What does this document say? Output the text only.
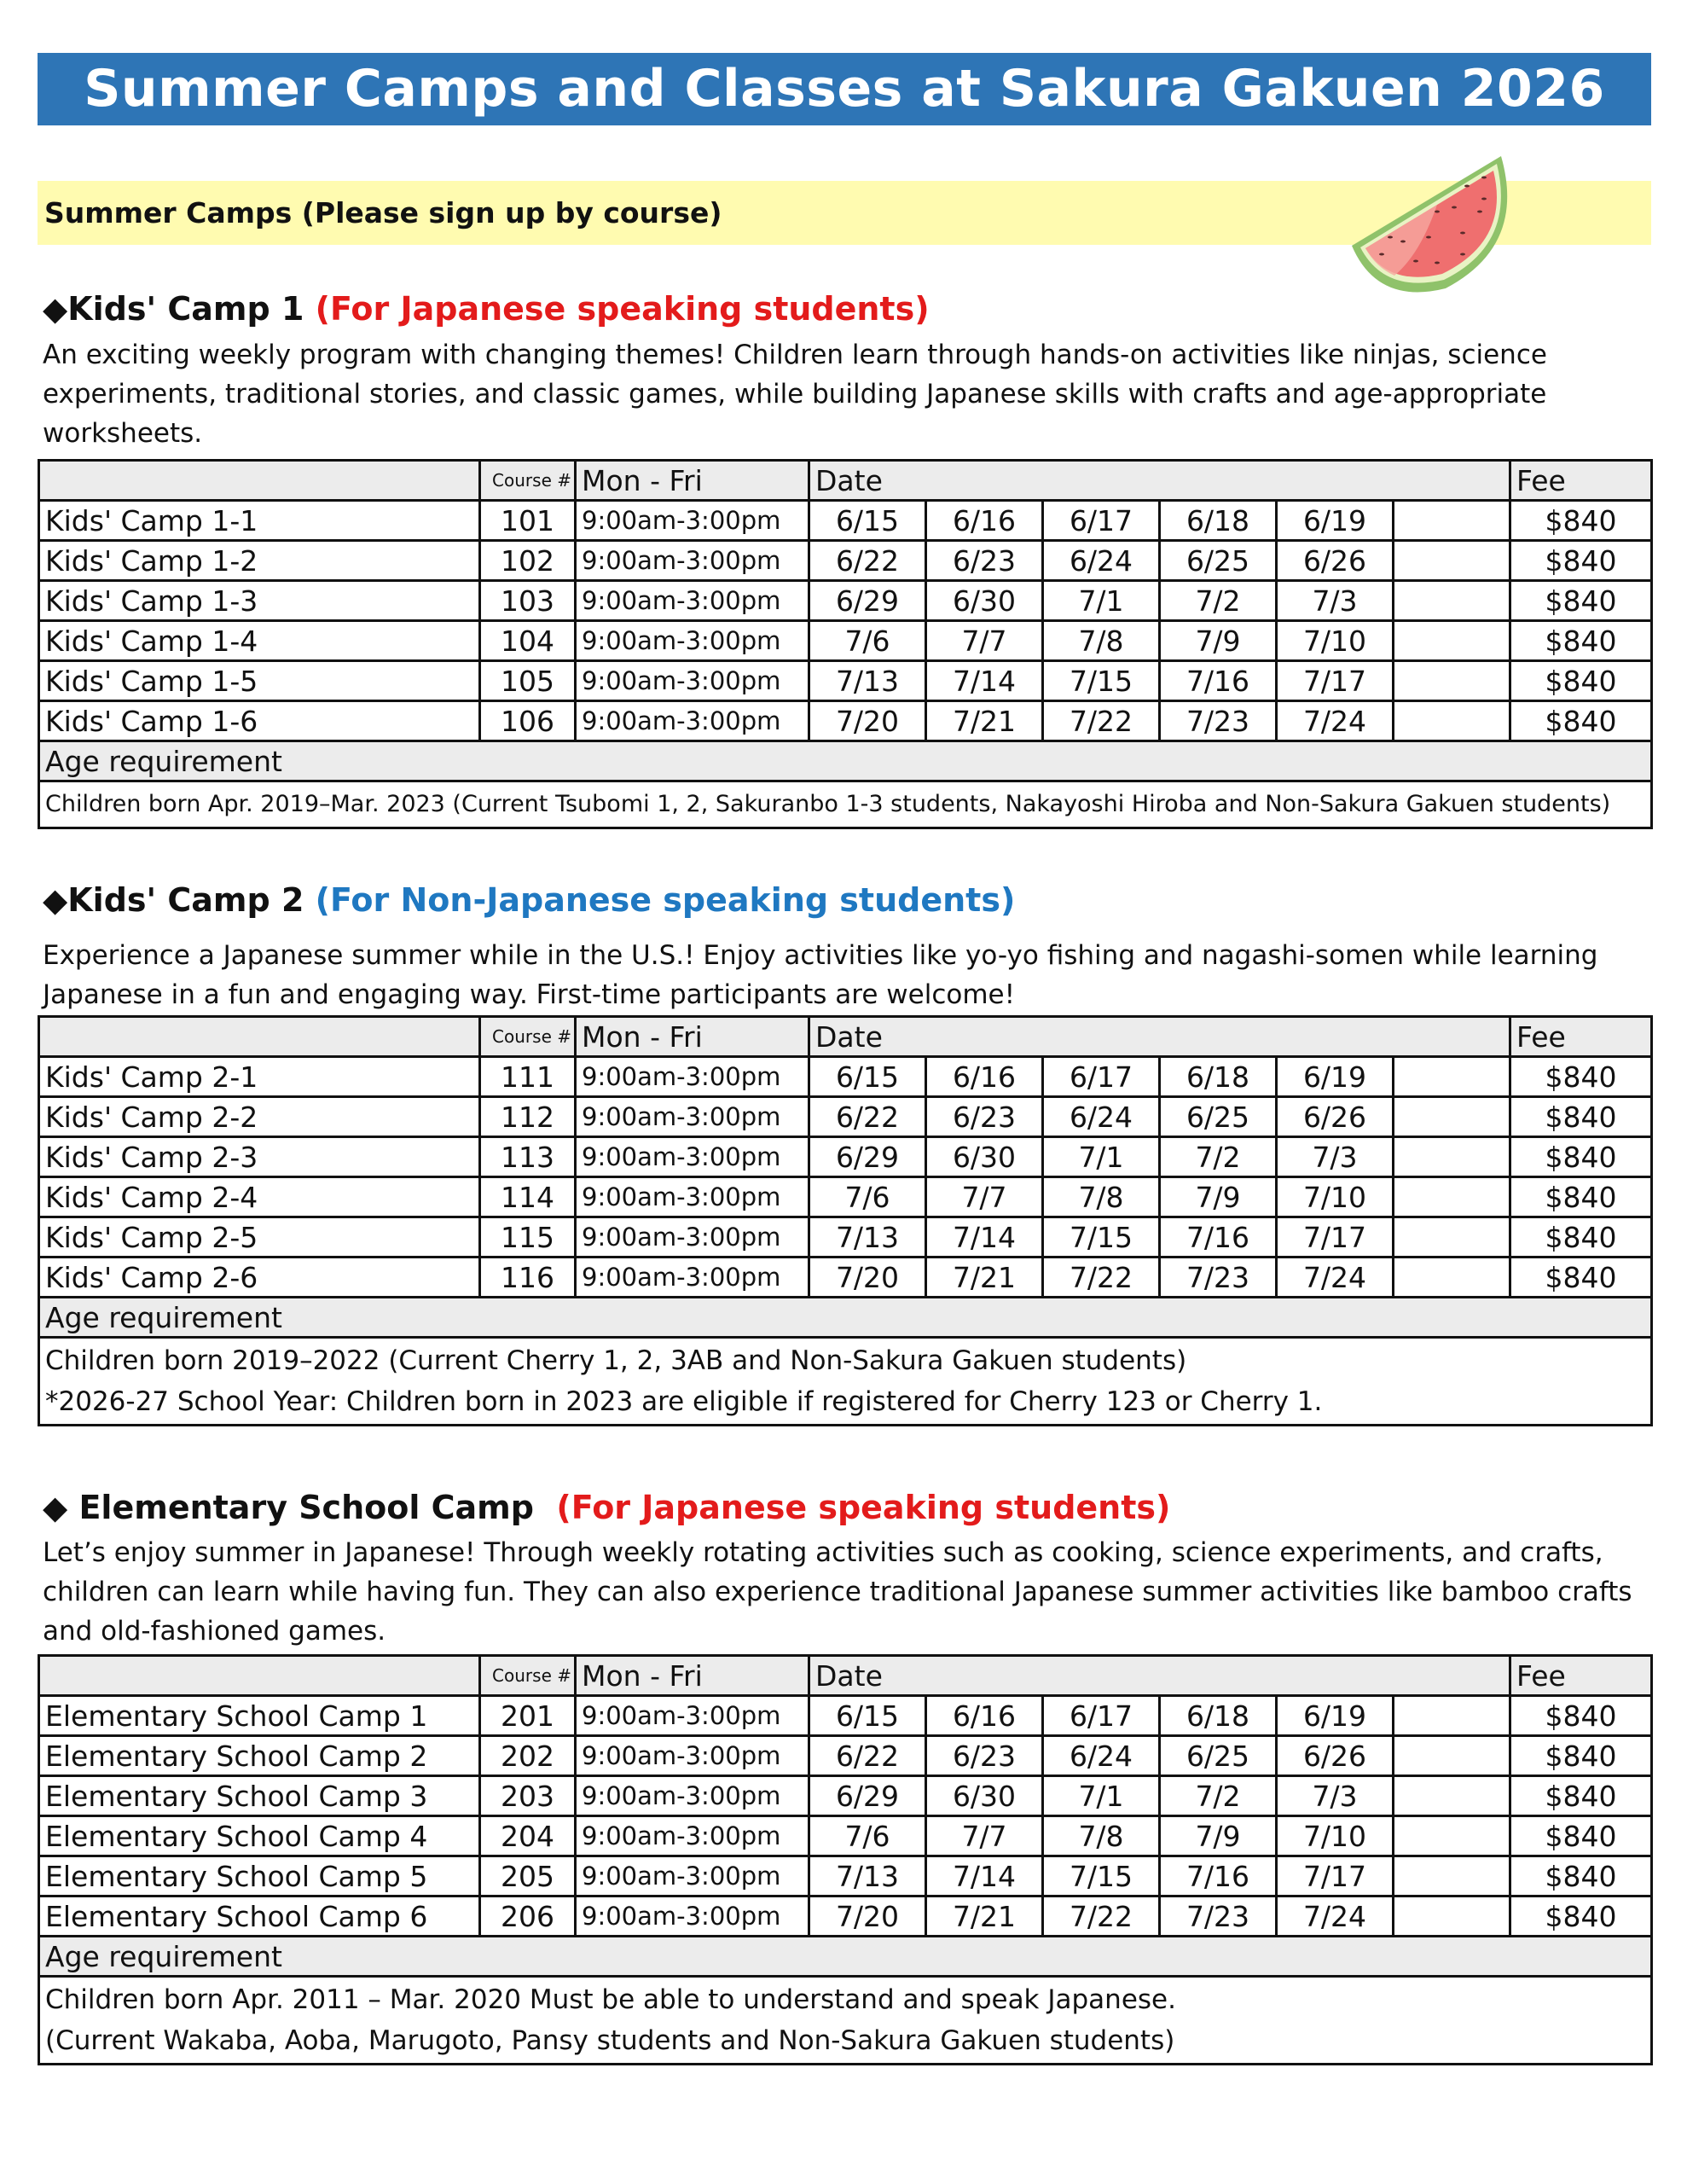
Summer Camps and Classes at Sakura Gakuen 2026
Summer Camps (Please sign up by course)
◆Kids' Camp 1 (For Japanese speaking students)
An exciting weekly program with changing themes! Children learn through hands-on activities like ninjas, science experiments, traditional stories, and classic games, while building Japanese skills with crafts and age-appropriate worksheets.
	Course #	Mon - Fri	Date						Fee
Kids' Camp 1-1	101	9:00am-3:00pm	6/15	6/16	6/17	6/18	6/19		$840
Kids' Camp 1-2	102	9:00am-3:00pm	6/22	6/23	6/24	6/25	6/26		$840
Kids' Camp 1-3	103	9:00am-3:00pm	6/29	6/30	7/1	7/2	7/3		$840
Kids' Camp 1-4	104	9:00am-3:00pm	7/6	7/7	7/8	7/9	7/10		$840
Kids' Camp 1-5	105	9:00am-3:00pm	7/13	7/14	7/15	7/16	7/17		$840
Kids' Camp 1-6	106	9:00am-3:00pm	7/20	7/21	7/22	7/23	7/24		$840
Age requirement									

Children born Apr. 2019–Mar. 2023 (Current Tsubomi 1, 2, Sakuranbo 1-3 students, Nakayoshi Hiroba and Non-Sakura Gakuen students)									
◆Kids' Camp 2 (For Non-Japanese speaking students)
Experience a Japanese summer while in the U.S.! Enjoy activities like yo-yo fishing and nagashi-somen while learning Japanese in a fun and engaging way. First-time participants are welcome!
	Course #	Mon - Fri	Date						Fee
Kids' Camp 2-1	111	9:00am-3:00pm	6/15	6/16	6/17	6/18	6/19		$840
Kids' Camp 2-2	112	9:00am-3:00pm	6/22	6/23	6/24	6/25	6/26		$840
Kids' Camp 2-3	113	9:00am-3:00pm	6/29	6/30	7/1	7/2	7/3		$840
Kids' Camp 2-4	114	9:00am-3:00pm	7/6	7/7	7/8	7/9	7/10		$840
Kids' Camp 2-5	115	9:00am-3:00pm	7/13	7/14	7/15	7/16	7/17		$840
Kids' Camp 2-6	116	9:00am-3:00pm	7/20	7/21	7/22	7/23	7/24		$840
Age requirement									

Children born 2019–2022 (Current Cherry 1, 2, 3AB and Non-Sakura Gakuen students)
*2026-27 School Year: Children born in 2023 are eligible if registered for Cherry 123 or Cherry 1.									
◆ Elementary School Camp (For Japanese speaking students)
Let’s enjoy summer in Japanese! Through weekly rotating activities such as cooking, science experiments, and crafts, children can learn while having fun. They can also experience traditional Japanese summer activities like bamboo crafts and old-fashioned games.
	Course #	Mon - Fri	Date						Fee
Elementary School Camp 1	201	9:00am-3:00pm	6/15	6/16	6/17	6/18	6/19		$840
Elementary School Camp 2	202	9:00am-3:00pm	6/22	6/23	6/24	6/25	6/26		$840
Elementary School Camp 3	203	9:00am-3:00pm	6/29	6/30	7/1	7/2	7/3		$840
Elementary School Camp 4	204	9:00am-3:00pm	7/6	7/7	7/8	7/9	7/10		$840
Elementary School Camp 5	205	9:00am-3:00pm	7/13	7/14	7/15	7/16	7/17		$840
Elementary School Camp 6	206	9:00am-3:00pm	7/20	7/21	7/22	7/23	7/24		$840
Age requirement									

Children born Apr. 2011 – Mar. 2020 Must be able to understand and speak Japanese.
(Current Wakaba, Aoba, Marugoto, Pansy students and Non-Sakura Gakuen students)									
